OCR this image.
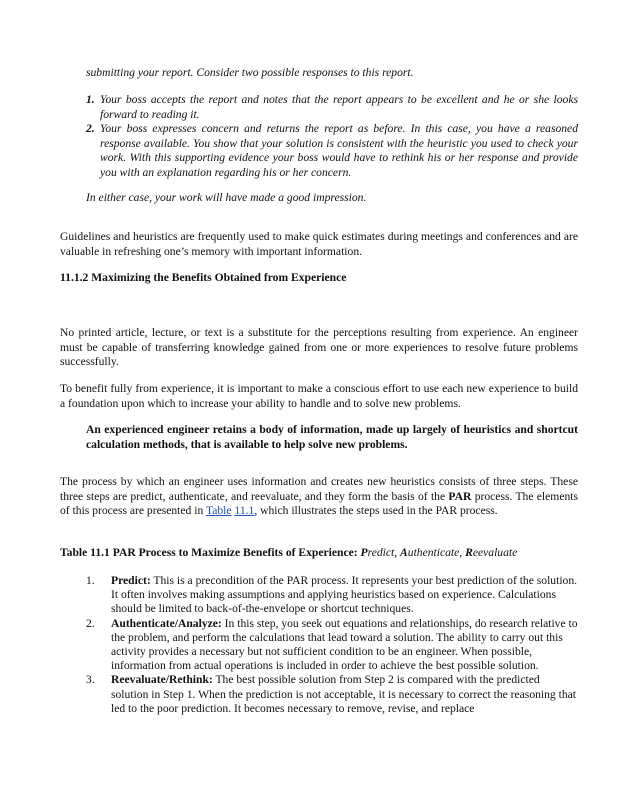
submitting your report. Consider two possible responses to this report.

1. Your boss accepts the report and notes that the report appears to be excellent and he or she looks forward to reading it.
2. Your boss expresses concern and returns the report as before. In this case, you have a reasoned response available. You show that your solution is consistent with the heuristic you used to check your work. With this supporting evidence your boss would have to rethink his or her response and provide you with an explanation regarding his or her concern.

In either case, your work will have made a good impression.

Guidelines and heuristics are frequently used to make quick estimates during meetings and conferences and are valuable in refreshing one’s memory with important information.

11.1.2 Maximizing the Benefits Obtained from Experience

No printed article, lecture, or text is a substitute for the perceptions resulting from experience. An engineer must be capable of transferring knowledge gained from one or more experiences to resolve future problems successfully.

To benefit fully from experience, it is important to make a conscious effort to use each new experience to build a foundation upon which to increase your ability to handle and to solve new problems.

An experienced engineer retains a body of information, made up largely of heuristics and shortcut calculation methods, that is available to help solve new problems.

The process by which an engineer uses information and creates new heuristics consists of three steps. These three steps are predict, authenticate, and reevaluate, and they form the basis of the PAR process. The elements of this process are presented in Table 11.1, which illustrates the steps used in the PAR process.

Table 11.1 PAR Process to Maximize Benefits of Experience: Predict, Authenticate, Reevaluate

1. Predict: This is a precondition of the PAR process. It represents your best prediction of the solution. It often involves making assumptions and applying heuristics based on experience. Calculations should be limited to back-of-the-envelope or shortcut techniques.
2. Authenticate/Analyze: In this step, you seek out equations and relationships, do research relative to the problem, and perform the calculations that lead toward a solution. The ability to carry out this activity provides a necessary but not sufficient condition to be an engineer. When possible, information from actual operations is included in order to achieve the best possible solution.
3. Reevaluate/Rethink: The best possible solution from Step 2 is compared with the predicted solution in Step 1. When the prediction is not acceptable, it is necessary to correct the reasoning that led to the poor prediction. It becomes necessary to remove, revise, and replace
